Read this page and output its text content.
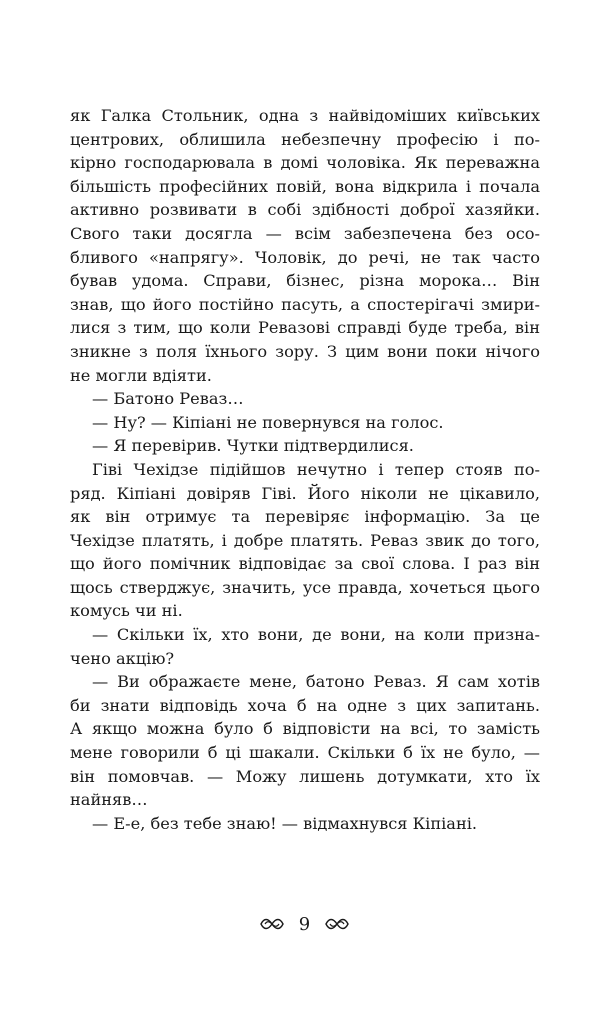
як Галка Стольник, одна з найвідоміших київських
центрових, облишила небезпечну професію і по-
кірно господарювала в домі чоловіка. Як переважна
більшість професійних повій, вона відкрила і почала
активно розвивати в собі здібності доброї хазяйки.
Свого таки досягла — всім забезпечена без осо-
бливого «напрягу». Чоловік, до речі, не так часто
бував удома. Справи, бізнес, різна морока… Він
знав, що його постійно пасуть, а спостерігачі змири-
лися з тим, що коли Ревазові справді буде треба, він
зникне з поля їхнього зору. З цим вони поки нічого
не могли вдіяти.
— Батоно Реваз…
— Ну? — Кіпіані не повернувся на голос.
— Я перевірив. Чутки підтвердилися.
Гіві Чехідзе підійшов нечутно і тепер стояв по-
ряд. Кіпіані довіряв Гіві. Його ніколи не цікавило,
як він отримує та перевіряє інформацію. За це
Чехідзе платять, і добре платять. Реваз звик до того,
що його помічник відповідає за свої слова. І раз він
щось стверджує, значить, усе правда, хочеться цього
комусь чи ні.
— Скільки їх, хто вони, де вони, на коли призна-
чено акцію?
— Ви ображаєте мене, батоно Реваз. Я сам хотів
би знати відповідь хоча б на одне з цих запитань.
А якщо можна було б відповісти на всі, то замість
мене говорили б ці шакали. Скільки б їх не було, —
він помовчав. — Можу лишень дотумкати, хто їх
найняв…
— Е-е, без тебе знаю! — відмахнувся Кіпіані.
9
